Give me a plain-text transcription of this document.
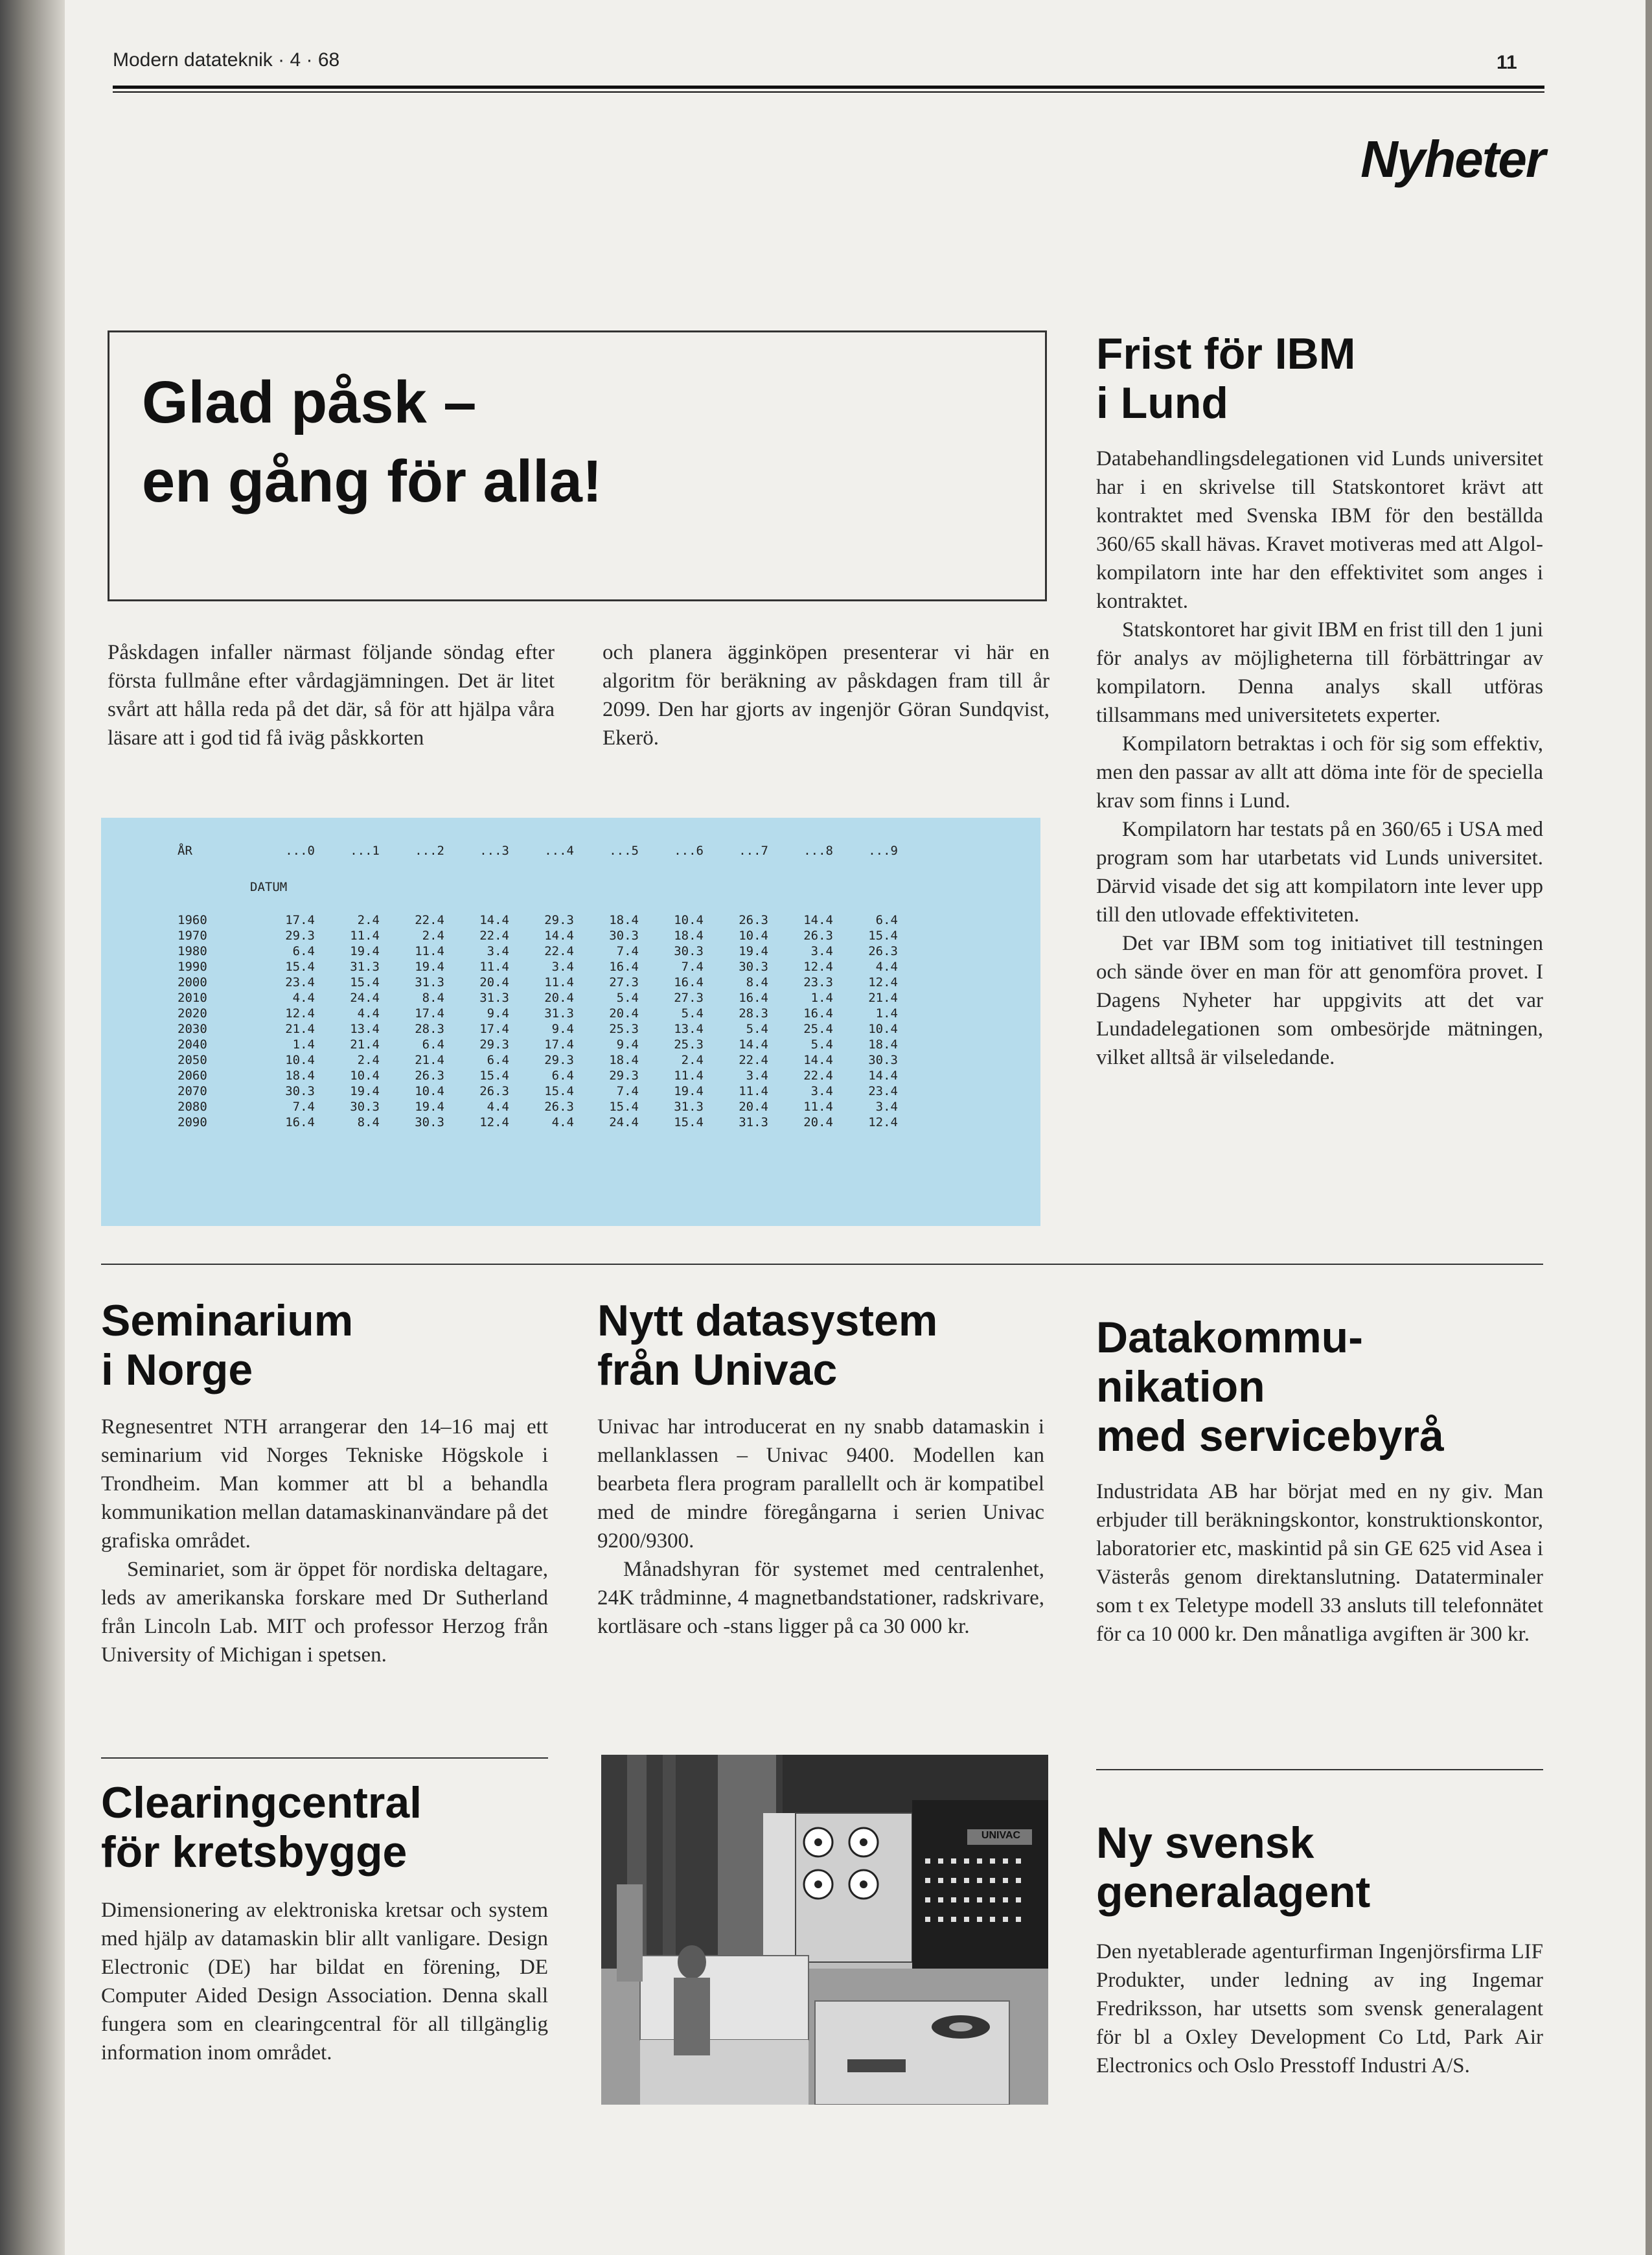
Modern datateknik · 4 · 68	11
Nyheter
Glad påsk –
en gång för alla!
Påskdagen infaller närmast följande söndag efter första fullmåne efter vårdagjämningen. Det är litet svårt att hålla reda på det där, så för att hjälpa våra läsare att i god tid få iväg påskkorten
och planera ägginköpen presenterar vi här en algoritm för beräkning av påskdagen fram till år 2099. Den har gjorts av ingenjör Göran Sundqvist, Ekerö.
ÅR
DATUM
...0	...1	...2	...3	...4	...5	...6	...7	...8	...9
1960	17.4	2.4	22.4	14.4	29.3	18.4	10.4	26.3	14.4	6.4
1970	29.3	11.4	2.4	22.4	14.4	30.3	18.4	10.4	26.3	15.4
1980	6.4	19.4	11.4	3.4	22.4	7.4	30.3	19.4	3.4	26.3
1990	15.4	31.3	19.4	11.4	3.4	16.4	7.4	30.3	12.4	4.4
2000	23.4	15.4	31.3	20.4	11.4	27.3	16.4	8.4	23.3	12.4
2010	4.4	24.4	8.4	31.3	20.4	5.4	27.3	16.4	1.4	21.4
2020	12.4	4.4	17.4	9.4	31.3	20.4	5.4	28.3	16.4	1.4
2030	21.4	13.4	28.3	17.4	9.4	25.3	13.4	5.4	25.4	10.4
2040	1.4	21.4	6.4	29.3	17.4	9.4	25.3	14.4	5.4	18.4
2050	10.4	2.4	21.4	6.4	29.3	18.4	2.4	22.4	14.4	30.3
2060	18.4	10.4	26.3	15.4	6.4	29.3	11.4	3.4	22.4	14.4
2070	30.3	19.4	10.4	26.3	15.4	7.4	19.4	11.4	3.4	23.4
2080	7.4	30.3	19.4	4.4	26.3	15.4	31.3	20.4	11.4	3.4
2090	16.4	8.4	30.3	12.4	4.4	24.4	15.4	31.3	20.4	12.4
Frist för IBM
i Lund

Databehandlingsdelegationen vid Lunds universitet har i en skrivelse till Statskontoret krävt att kontraktet med Svenska IBM för den beställda 360/65 skall hävas. Kravet motiveras med att Algol-kompilatorn inte har den effektivitet som anges i kontraktet.

Statskontoret har givit IBM en frist till den 1 juni för analys av möjligheterna till förbättringar av kompilatorn. Denna analys skall utföras tillsammans med universitetets experter.

Kompilatorn betraktas i och för sig som effektiv, men den passar av allt att döma inte för de speciella krav som finns i Lund.

Kompilatorn har testats på en 360/65 i USA med program som har utarbetats vid Lunds universitet. Därvid visade det sig att kompilatorn inte lever upp till den utlovade effektiviteten.

Det var IBM som tog initiativet till testningen och sände över en man för att genomföra provet. I Dagens Nyheter har uppgivits att det var Lundadelegationen som ombesörjde mätningen, vilket alltså är vilseledande.

Seminarium
i Norge

Regnesentret NTH arrangerar den 14–16 maj ett seminarium vid Norges Tekniske Högskole i Trondheim. Man kommer att bl a behandla kommunikation mellan datamaskinanvändare på det grafiska området.

Seminariet, som är öppet för nordiska deltagare, leds av amerikanska forskare med Dr Sutherland från Lincoln Lab. MIT och professor Herzog från University of Michigan i spetsen.

Nytt datasystem
från Univac

Univac har introducerat en ny snabb datamaskin i mellanklassen – Univac 9400. Modellen kan bearbeta flera program parallellt och är kompatibel med de mindre föregångarna i serien Univac 9200/9300.

Månadshyran för systemet med centralenhet, 24K trådminne, 4 magnetbandstationer, radskrivare, kortläsare och -stans ligger på ca 30 000 kr.

Datakommu-
nikation
med servicebyrå

Industridata AB har börjat med en ny giv. Man erbjuder till beräkningskontor, konstruktionskontor, laboratorier etc, maskintid på sin GE 625 vid Asea i Västerås genom direktanslutning. Dataterminaler som t ex Teletype modell 33 ansluts till telefonnätet för ca 10 000 kr. Den månatliga avgiften är 300 kr.

Clearingcentral
för kretsbygge

Dimensionering av elektroniska kretsar och system med hjälp av datamaskin blir allt vanligare. Design Electronic (DE) har bildat en förening, DE Computer Aided Design Association. Denna skall fungera som en clearingcentral för all tillgänglig information inom området.

UNIVAC Ny svensk
generalagent

Den nyetablerade agenturfirman Ingenjörsfirma LIF Produkter, under ledning av ing Ingemar Fredriksson, har utsetts som svensk generalagent för bl a Oxley Development Co Ltd, Park Air Electronics och Oslo Presstoff Industri A/S.
